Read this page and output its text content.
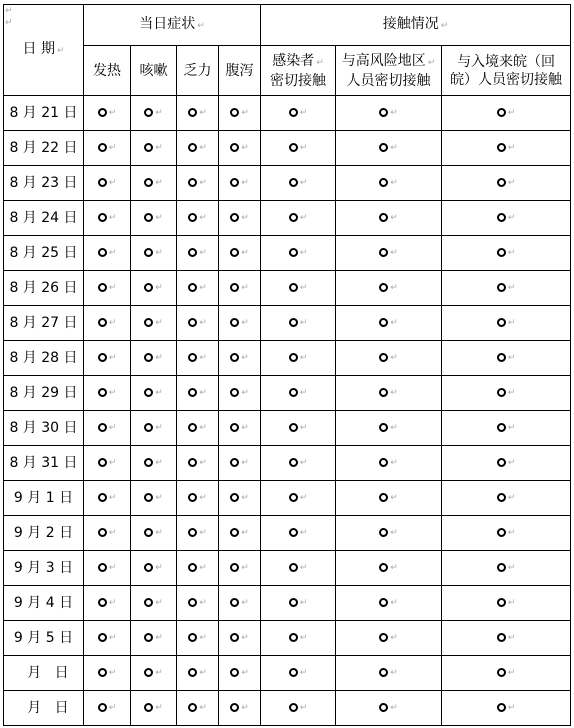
↵
↵
日 期 ↵	当日症状 ↵				接触情况 ↵		
	发热	咳嗽	乏力	腹泻	感染者 ↵
密切接触	与高风险地区 ↵
人员密切接触	与入境来皖（回
皖）人员密切接触
8 月 21 日	↵	↵	↵	↵	↵	↵	↵

8 月 22 日	↵	↵	↵	↵	↵	↵	↵

8 月 23 日	↵	↵	↵	↵	↵	↵	↵

8 月 24 日	↵	↵	↵	↵	↵	↵	↵

8 月 25 日	↵	↵	↵	↵	↵	↵	↵

8 月 26 日	↵	↵	↵	↵	↵	↵	↵

8 月 27 日	↵	↵	↵	↵	↵	↵	↵

8 月 28 日	↵	↵	↵	↵	↵	↵	↵

8 月 29 日	↵	↵	↵	↵	↵	↵	↵

8 月 30 日	↵	↵	↵	↵	↵	↵	↵

8 月 31 日	↵	↵	↵	↵	↵	↵	↵

9 月 1 日	↵	↵	↵	↵	↵	↵	↵

9 月 2 日	↵	↵	↵	↵	↵	↵	↵

9 月 3 日	↵	↵	↵	↵	↵	↵	↵

9 月 4 日	↵	↵	↵	↵	↵	↵	↵

9 月 5 日	↵	↵	↵	↵	↵	↵	↵

月   日	↵	↵	↵	↵	↵	↵	↵

月   日	↵	↵	↵	↵	↵	↵	↵
